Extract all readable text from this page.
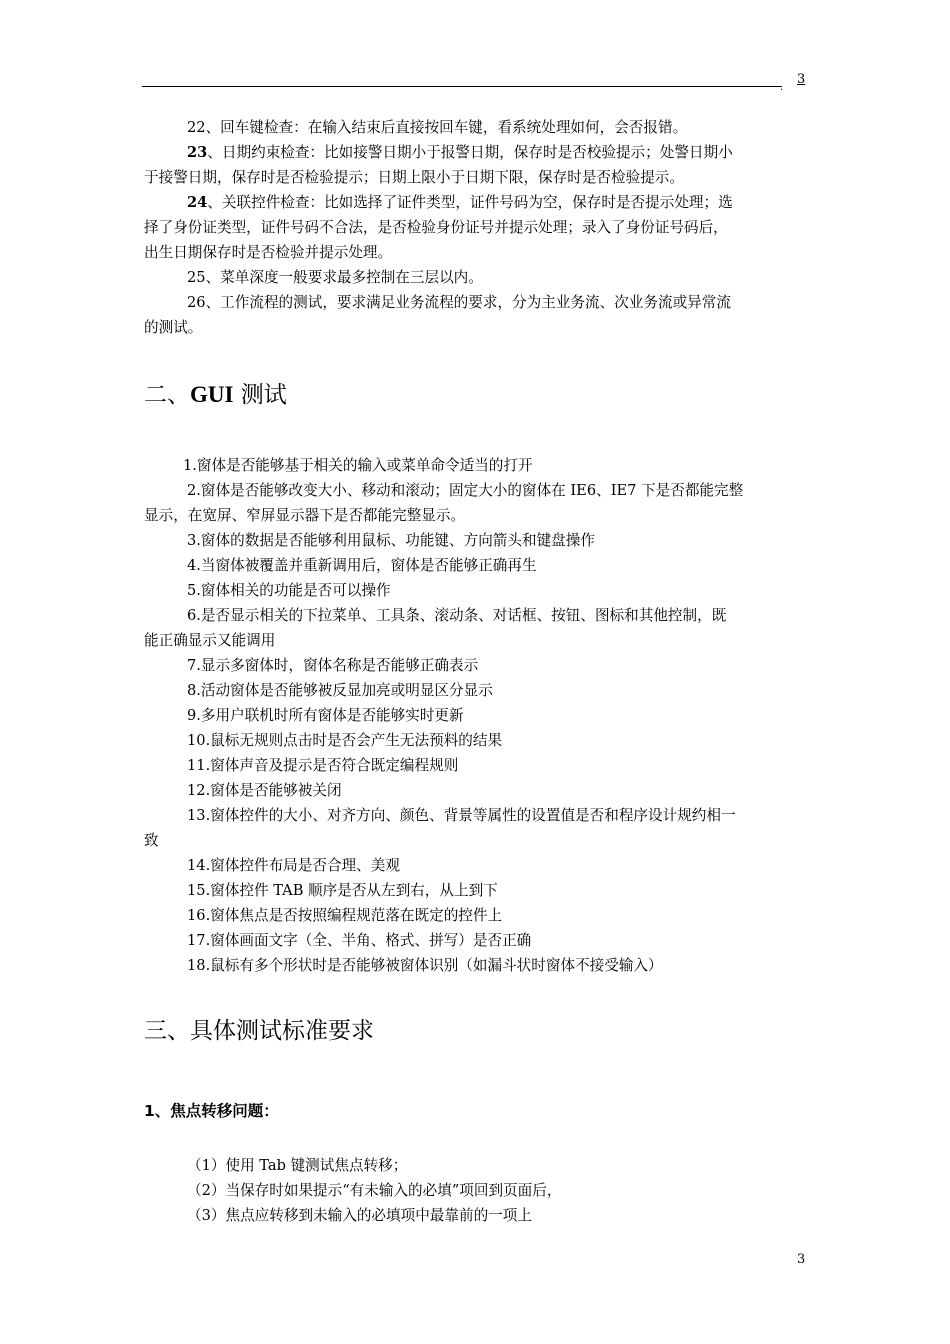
.
3
22、回车键检查：在输入结束后直接按回车键，看系统处理如何，会否报错。
23、日期约束检查：比如接警日期小于报警日期，保存时是否校验提示；处警日期小
于接警日期，保存时是否检验提示；日期上限小于日期下限，保存时是否检验提示。
24、关联控件检查：比如选择了证件类型，证件号码为空，保存时是否提示处理；选
择了身份证类型，证件号码不合法，是否检验身份证号并提示处理；录入了身份证号码后，
出生日期保存时是否检验并提示处理。
25、菜单深度一般要求最多控制在三层以内。
26、工作流程的测试，要求满足业务流程的要求，分为主业务流、次业务流或异常流
的测试。
二、GUI 测试
1.窗体是否能够基于相关的输入或菜单命令适当的打开
2.窗体是否能够改变大小、移动和滚动；固定大小的窗体在 IE6、IE7 下是否都能完整
显示，在宽屏、窄屏显示器下是否都能完整显示。
3.窗体的数据是否能够利用鼠标、功能键、方向箭头和键盘操作
4.当窗体被覆盖并重新调用后，窗体是否能够正确再生
5.窗体相关的功能是否可以操作
6.是否显示相关的下拉菜单、工具条、滚动条、对话框、按钮、图标和其他控制，既
能正确显示又能调用
7.显示多窗体时，窗体名称是否能够正确表示
8.活动窗体是否能够被反显加亮或明显区分显示
9.多用户联机时所有窗体是否能够实时更新
10.鼠标无规则点击时是否会产生无法预料的结果
11.窗体声音及提示是否符合既定编程规则
12.窗体是否能够被关闭
13.窗体控件的大小、对齐方向、颜色、背景等属性的设置值是否和程序设计规约相一
致
14.窗体控件布局是否合理、美观
15.窗体控件 TAB 顺序是否从左到右，从上到下
16.窗体焦点是否按照编程规范落在既定的控件上
17.窗体画面文字（全、半角、格式、拼写）是否正确
18.鼠标有多个形状时是否能够被窗体识别（如漏斗状时窗体不接受输入）
三、具体测试标准要求
1、焦点转移问题：
（1）使用 Tab 键测试焦点转移；
（2）当保存时如果提示“有未输入的必填”项回到页面后，
（3）焦点应转移到未输入的必填项中最靠前的一项上
3
